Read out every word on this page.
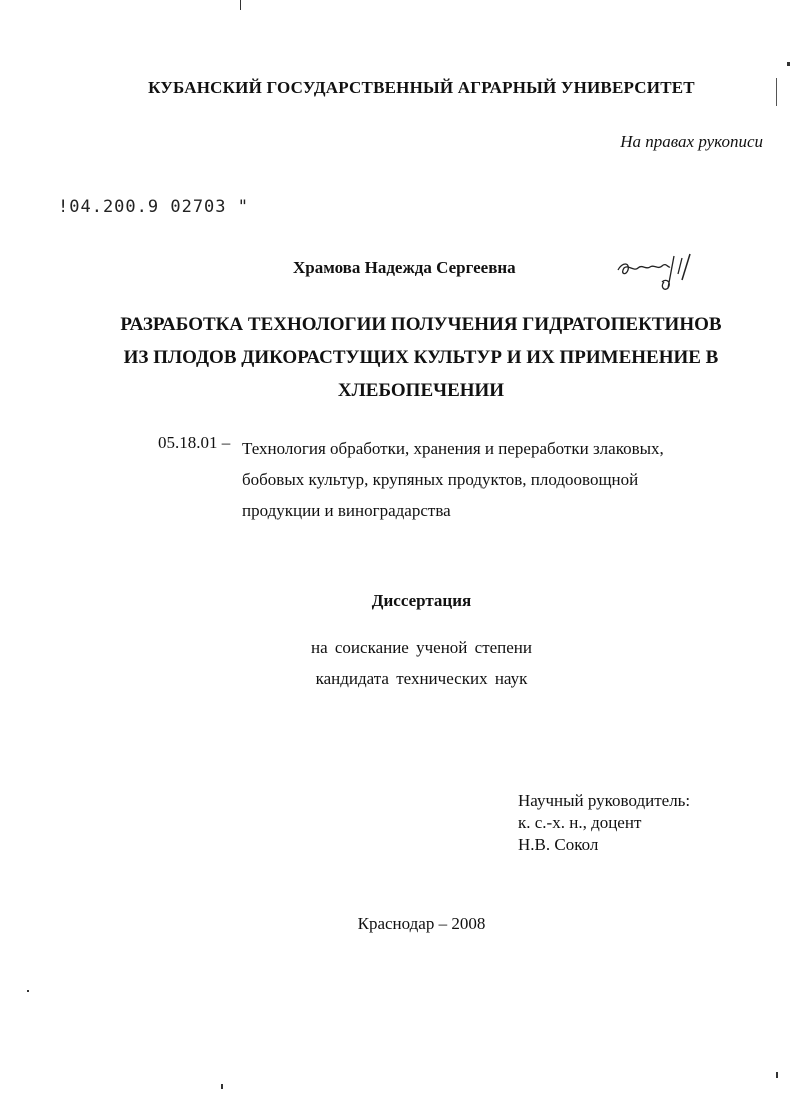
КУБАНСКИЙ ГОСУДАРСТВЕННЫЙ АГРАРНЫЙ УНИВЕРСИТЕТ
На правах рукописи
!04.200.9 02703 "
Храмова Надежда Сергеевна
РАЗРАБОТКА ТЕХНОЛОГИИ ПОЛУЧЕНИЯ ГИДРАТОПЕКТИНОВ
ИЗ ПЛОДОВ ДИКОРАСТУЩИХ КУЛЬТУР И ИХ ПРИМЕНЕНИЕ В
ХЛЕБОПЕЧЕНИИ
05.18.01 – Технология обработки, хранения и переработки злаковых,
бобовых культур, крупяных продуктов, плодоовощной
продукции и виноградарства
Диссертация
на соискание ученой степени
кандидата технических наук
Научный руководитель:
к. с.-х. н., доцент
Н.В. Сокол
Краснодар – 2008
